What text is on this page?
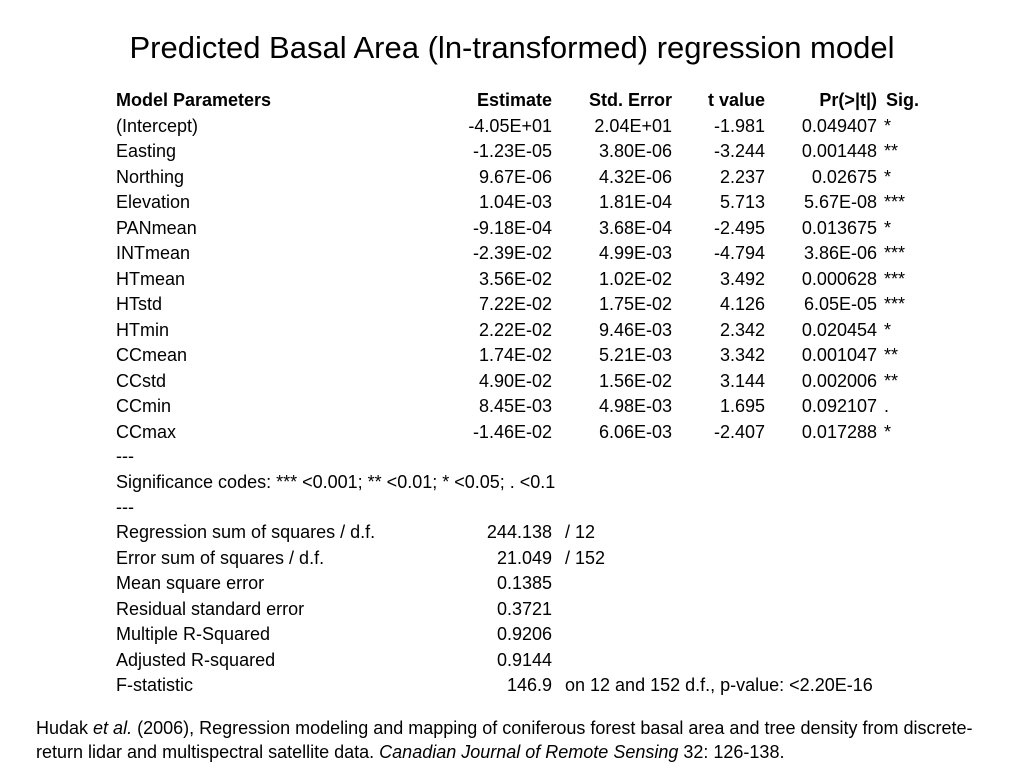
Predicted Basal Area (ln-transformed) regression model
Model Parameters	Estimate	Std. Error	t value	Pr(>|t|)	Sig.
(Intercept)	-4.05E+01	2.04E+01	-1.981	0.049407	*
Easting	-1.23E-05	3.80E-06	-3.244	0.001448	**
Northing	9.67E-06	4.32E-06	2.237	0.02675	*
Elevation	1.04E-03	1.81E-04	5.713	5.67E-08	***
PANmean	-9.18E-04	3.68E-04	-2.495	0.013675	*
INTmean	-2.39E-02	4.99E-03	-4.794	3.86E-06	***
HTmean	3.56E-02	1.02E-02	3.492	0.000628	***
HTstd	7.22E-02	1.75E-02	4.126	6.05E-05	***
HTmin	2.22E-02	9.46E-03	2.342	0.020454	*
CCmean	1.74E-02	5.21E-03	3.342	0.001047	**
CCstd	4.90E-02	1.56E-02	3.144	0.002006	**
CCmin	8.45E-03	4.98E-03	1.695	0.092107	.
CCmax	-1.46E-02	6.06E-03	-2.407	0.017288	*
---
Significance codes: *** <0.001; ** <0.01; * <0.05; . <0.1
---
Regression sum of squares / d.f.	244.138	/ 12
Error sum of squares / d.f.	21.049	/ 152
Mean square error	0.1385	
Residual standard error	0.3721	
Multiple R-Squared	0.9206	
Adjusted R-squared	0.9144	
F-statistic	146.9	on 12 and 152 d.f., p-value: <2.20E-16
Hudak et al. (2006), Regression modeling and mapping of coniferous forest basal area and tree density from discrete-return lidar and multispectral satellite data. Canadian Journal of Remote Sensing 32: 126-138.
